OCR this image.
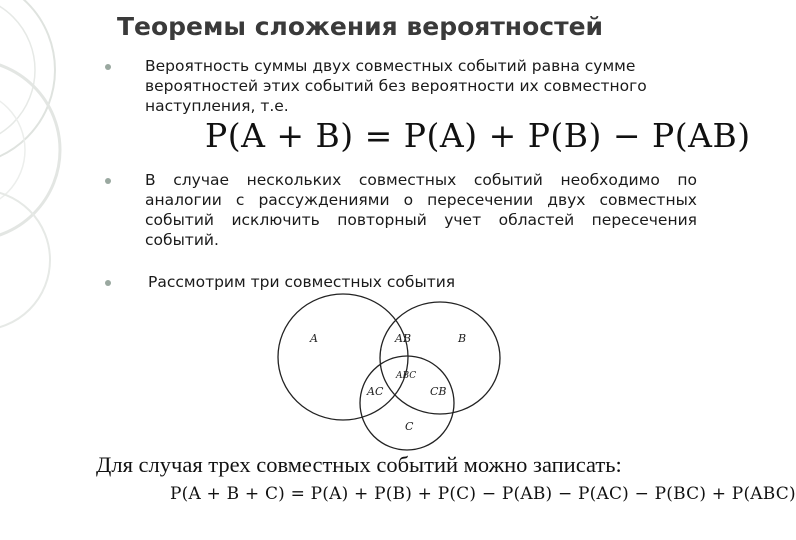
Теоремы сложения вероятностей
Вероятность суммы двух совместных событий равна сумме вероятностей этих событий без вероятности их совместного наступления, т.е.
P(A + B) = P(A) + P(B) − P(AB)
В случае нескольких совместных событий необходимо по аналогии с рассуждениями о пересечении двух совместных событий исключить повторный учет областей пересечения событий.
Рассмотрим три совместных события
A	AB	B
ABC
AC	CB
C
Для случая трех совместных событий можно записать:
P(A + B + C) = P(A) + P(B) + P(C) − P(AB) − P(AC) − P(BC) + P(ABC)
